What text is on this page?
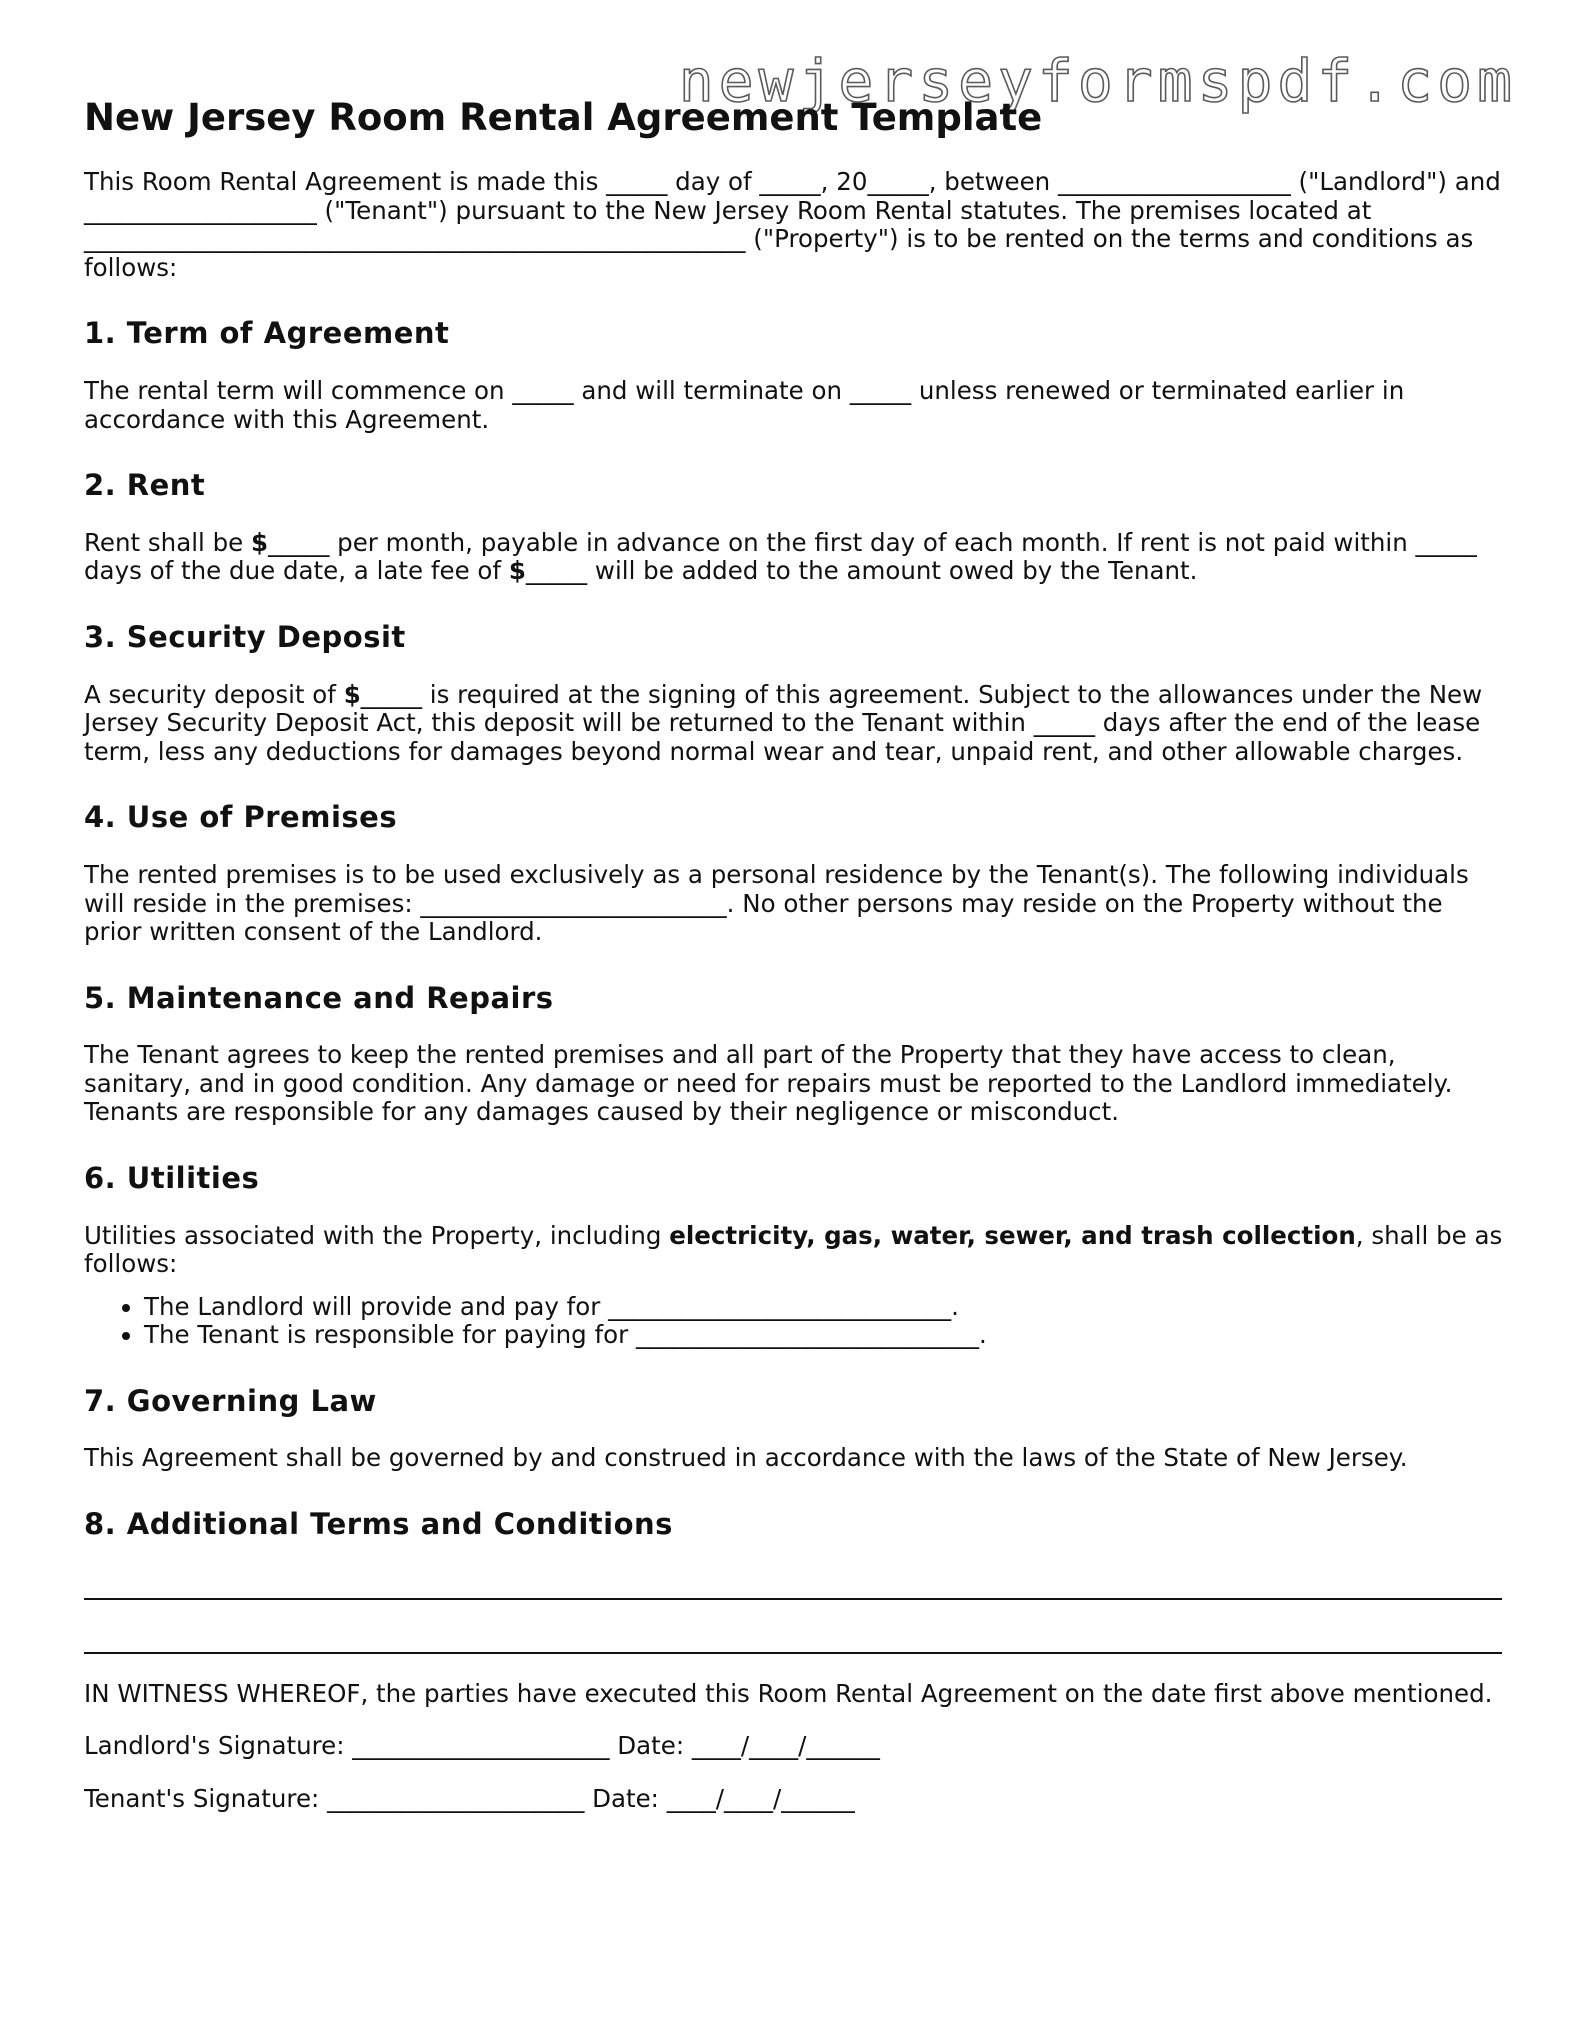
newjerseyformspdf.com
New Jersey Room Rental Agreement Template

This Room Rental Agreement is made this _____ day of _____, 20_____, between ___________________ ("Landlord") and ___________________ ("Tenant") pursuant to the New Jersey Room Rental statutes. The premises located at ______________________________________________________ ("Property") is to be rented on the terms and conditions as follows:

1. Term of Agreement

The rental term will commence on _____ and will terminate on _____ unless renewed or terminated earlier in accordance with this Agreement.

2. Rent

Rent shall be $_____ per month, payable in advance on the first day of each month. If rent is not paid within _____ days of the due date, a late fee of $_____ will be added to the amount owed by the Tenant.

3. Security Deposit

A security deposit of $_____ is required at the signing of this agreement. Subject to the allowances under the New Jersey Security Deposit Act, this deposit will be returned to the Tenant within _____ days after the end of the lease term, less any deductions for damages beyond normal wear and tear, unpaid rent, and other allowable charges.

4. Use of Premises

The rented premises is to be used exclusively as a personal residence by the Tenant(s). The following individuals will reside in the premises: _________________________. No other persons may reside on the Property without the prior written consent of the Landlord.

5. Maintenance and Repairs

The Tenant agrees to keep the rented premises and all part of the Property that they have access to clean, sanitary, and in good condition. Any damage or need for repairs must be reported to the Landlord immediately. Tenants are responsible for any damages caused by their negligence or misconduct.

6. Utilities

Utilities associated with the Property, including electricity, gas, water, sewer, and trash collection, shall be as follows:

• The Landlord will provide and pay for ____________________________.
• The Tenant is responsible for paying for ____________________________.
7. Governing Law

This Agreement shall be governed by and construed in accordance with the laws of the State of New Jersey.

8. Additional Terms and Conditions

IN WITNESS WHEREOF, the parties have executed this Room Rental Agreement on the date first above mentioned.

Landlord's Signature: _____________________ Date: ____/____/______

Tenant's Signature: _____________________ Date: ____/____/______
